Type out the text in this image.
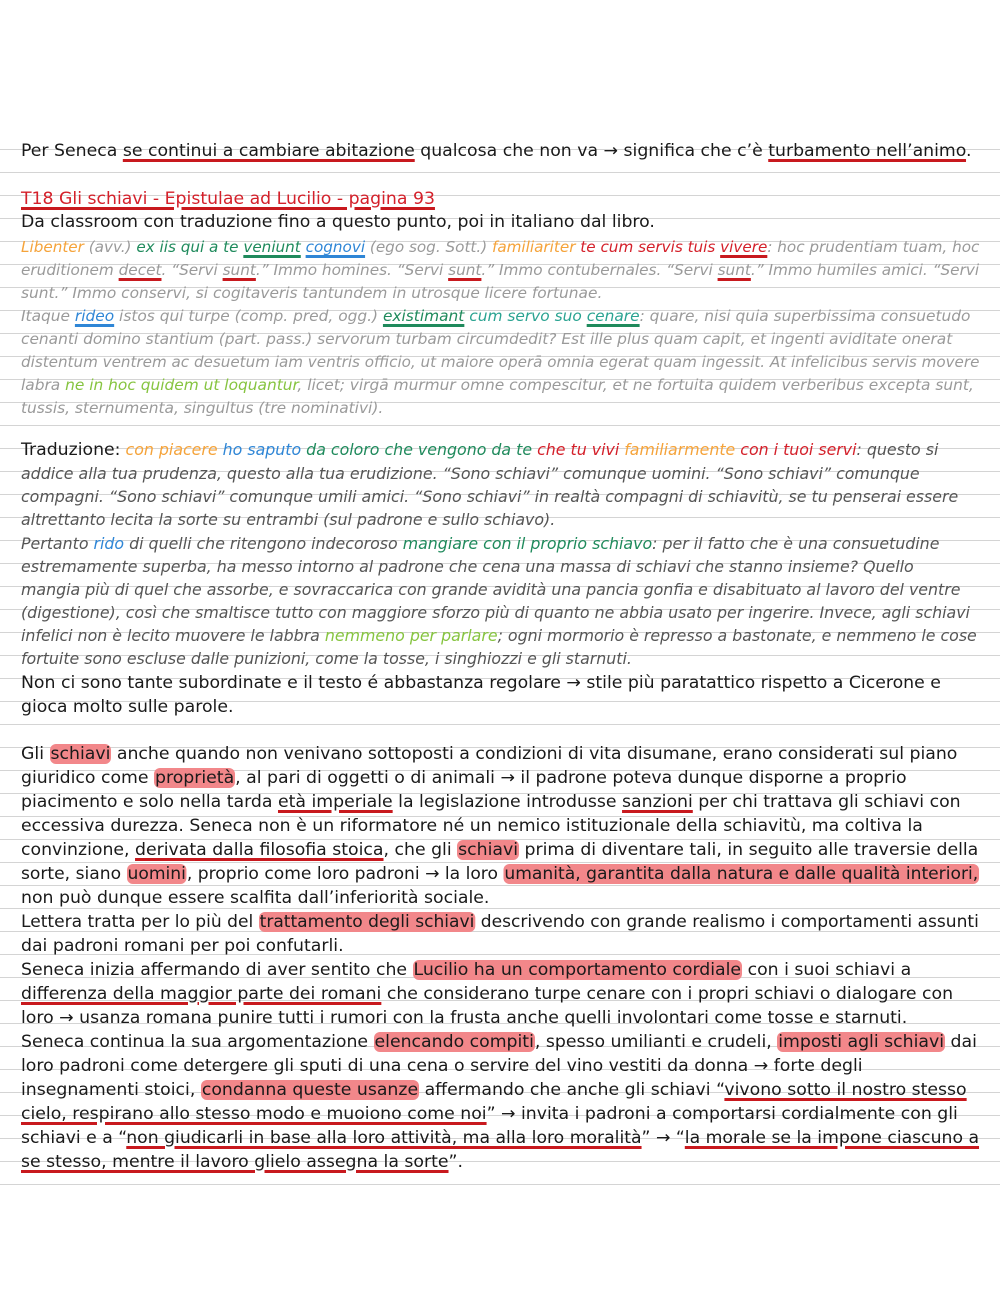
Per Seneca se continui a cambiare abitazione qualcosa che non va → significa che c’è turbamento nell’animo.
T18 Gli schiavi - Epistulae ad Lucilio - pagina 93
Da classroom con traduzione fino a questo punto, poi in italiano dal libro.
Libenter (avv.) ex iis qui a te veniunt cognovi (ego sog. Sott.) familiariter te cum servis tuis vivere: hoc prudentiam tuam, hoc
eruditionem decet. “Servi sunt.” Immo homines. “Servi sunt.” Immo contubernales. “Servi sunt.” Immo humiles amici. “Servi
sunt.” Immo conservi, si cogitaveris tantundem in utrosque licere fortunae.
Itaque rideo istos qui turpe (comp. pred, ogg.) existimant cum servo suo cenare: quare, nisi quia superbissima consuetudo
cenanti domino stantium (part. pass.) servorum turbam circumdedit? Est ille plus quam capit, et ingenti aviditate onerat
distentum ventrem ac desuetum iam ventris officio, ut maiore operā omnia egerat quam ingessit. At infelicibus servis movere
labra ne in hoc quidem ut loquantur, licet; virgā murmur omne compescitur, et ne fortuita quidem verberibus excepta sunt,
tussis, sternumenta, singultus (tre nominativi).
Traduzione: con piacere ho saputo da coloro che vengono da te che tu vivi familiarmente con i tuoi servi: questo si
addice alla tua prudenza, questo alla tua erudizione. “Sono schiavi” comunque uomini. “Sono schiavi” comunque
compagni. “Sono schiavi” comunque umili amici. “Sono schiavi” in realtà compagni di schiavitù, se tu penserai essere
altrettanto lecita la sorte su entrambi (sul padrone e sullo schiavo).
Pertanto rido di quelli che ritengono indecoroso mangiare con il proprio schiavo: per il fatto che è una consuetudine
estremamente superba, ha messo intorno al padrone che cena una massa di schiavi che stanno insieme? Quello
mangia più di quel che assorbe, e sovraccarica con grande avidità una pancia gonfia e disabituato al lavoro del ventre
(digestione), così che smaltisce tutto con maggiore sforzo più di quanto ne abbia usato per ingerire. Invece, agli schiavi
infelici non è lecito muovere le labbra nemmeno per parlare; ogni mormorio è represso a bastonate, e nemmeno le cose
fortuite sono escluse dalle punizioni, come la tosse, i singhiozzi e gli starnuti.
Non ci sono tante subordinate e il testo é abbastanza regolare → stile più paratattico rispetto a Cicerone e
gioca molto sulle parole.
Gli schiavi anche quando non venivano sottoposti a condizioni di vita disumane, erano considerati sul piano
giuridico come proprietà, al pari di oggetti o di animali → il padrone poteva dunque disporne a proprio
piacimento e solo nella tarda età imperiale la legislazione introdusse sanzioni per chi trattava gli schiavi con
eccessiva durezza. Seneca non è un riformatore né un nemico istituzionale della schiavitù, ma coltiva la
convinzione, derivata dalla filosofia stoica, che gli schiavi prima di diventare tali, in seguito alle traversie della
sorte, siano uomini, proprio come loro padroni → la loro umanità, garantita dalla natura e dalle qualità interiori,
non può dunque essere scalfita dall’inferiorità sociale.
Lettera tratta per lo più del trattamento degli schiavi descrivendo con grande realismo i comportamenti assunti
dai padroni romani per poi confutarli.
Seneca inizia affermando di aver sentito che Lucilio ha un comportamento cordiale con i suoi schiavi a
differenza della maggior parte dei romani che considerano turpe cenare con i propri schiavi o dialogare con
loro → usanza romana punire tutti i rumori con la frusta anche quelli involontari come tosse e starnuti.
Seneca continua la sua argomentazione elencando compiti, spesso umilianti e crudeli, imposti agli schiavi dai
loro padroni come detergere gli sputi di una cena o servire del vino vestiti da donna → forte degli
insegnamenti stoici, condanna queste usanze affermando che anche gli schiavi “vivono sotto il nostro stesso
cielo, respirano allo stesso modo e muoiono come noi” → invita i padroni a comportarsi cordialmente con gli
schiavi e a “non giudicarli in base alla loro attività, ma alla loro moralità” → “la morale se la impone ciascuno a
se stesso, mentre il lavoro glielo assegna la sorte”.
